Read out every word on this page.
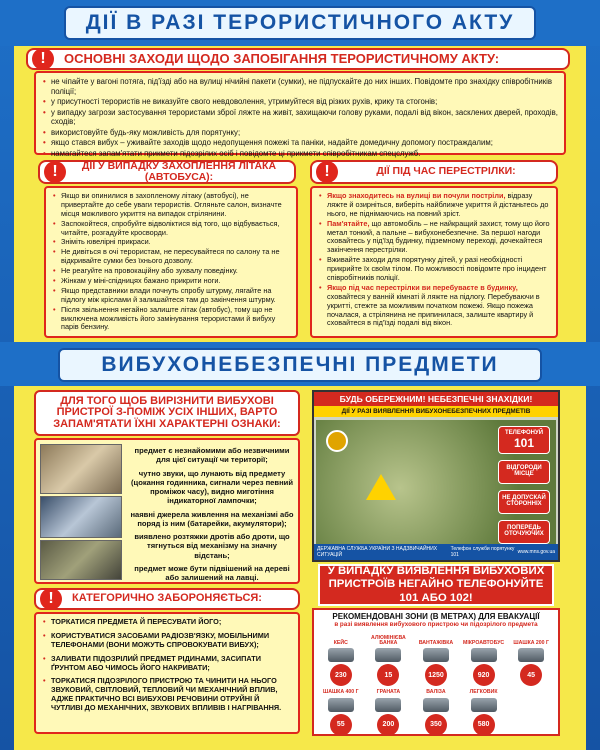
ДІЇ В РАЗІ ТЕРОРИСТИЧНОГО АКТУ
!	ОСНОВНІ ЗАХОДИ ЩОДО ЗАПОБІГАННЯ ТЕРОРИСТИЧНОМУ АКТУ:
• не чіпайте у вагоні потяга, під'їзді або на вулиці нічийні пакети (сумки), не підпускайте до них інших. Повідомте про знахідку співробітників поліції;
• у присутності терористів не виказуйте свого невдоволення, утримуйтеся від різких рухів, крику та стогонів;
• у випадку загрози застосування терористами зброї ляжте на живіт, захищаючи голову руками, подалі від вікон, засклених дверей, проходів, сходів;
• використовуйте будь-яку можливість для порятунку;
• якщо стався вибух – уживайте заходів щодо недопущення пожежі та паніки, надайте домедичну допомогу постраждалим;
• намагайтеся запам'ятати прикмети підозрілих осіб і повідомте ці прикмети співробітникам спецслужб.
!	ДІЇ У ВИПАДКУ ЗАХОПЛЕННЯ ЛІТАКА (АВТОБУСА):
• Якщо ви опинилися в захопленому літаку (автобусі), не привертайте до себе уваги терористів. Огляньте салон, визначте місця можливого укриття на випадок стрілянини.
• Заспокойтеся, спробуйте відволіктися від того, що відбувається, читайте, розгадуйте кросворди.
• Зніміть ювелірні прикраси.
• Не дивіться в очі терористам, не пересувайтеся по салону та не відкривайте сумки без їхнього дозволу.
• Не реагуйте на провокаційну або зухвалу поведінку.
• Жінкам у міні-спідницях бажано прикрити ноги.
• Якщо представники влади почнуть спробу штурму, лягайте на підлогу між кріслами й залишайтеся там до закінчення штурму.
• Після звільнення негайно залиште літак (автобус), тому що не виключена можливість його замінування терористами й вибуху парів бензину.
!	ДІЇ ПІД ЧАС ПЕРЕСТРІЛКИ:
• Якщо знаходитесь на вулиці ви почули постріли, відразу ляжте й озирніться, виберіть найближче укриття й дістаньтесь до нього, не піднімаючись на повний зріст.
• Пам'ятайте, що автомобіль – не найкращий захист, тому що його метал тонкий, а пальне – вибухонебезпечне. За першої нагоди сховайтесь у під'їзд будинку, підземному переході, дочекайтеся закінчення перестрілки.
• Вживайте заходи для порятунку дітей, у разі необхідності прикрийте їх своїм тілом. По можливості повідомте про інцидент співробітників поліції.
• Якщо під час перестрілки ви перебуваєте в будинку, сховайтеся у ванній кімнаті й ляжте на підлогу. Перебуваючи в укритті, стежте за можливим початком пожежі. Якщо пожежа почалася, а стрілянина не припинилася, залиште квартиру й сховайтеся в під'їзді подалі від вікон.
ВИБУХОНЕБЕЗПЕЧНІ ПРЕДМЕТИ
ДЛЯ ТОГО ЩОБ ВИРІЗНИТИ ВИБУХОВІ ПРИСТРОЇ З-ПОМІЖ УСІХ ІНШИХ, ВАРТО ЗАПАМ'ЯТАТИ ЇХНІ ХАРАКТЕРНІ ОЗНАКИ:
предмет є незнайомими або незвичними для цієї ситуації чи території;
чутно звуки, що лунають від предмету (цокання годинника, сигнали через певний проміжок часу), видно миготіння індикаторної лампочки;
наявні джерела живлення на механізмі або поряд із ним (батарейки, акумулятори);
виявлено розтяжки дротів або дроти, що тягнуться від механізму на значну відстань;
предмет може бути підвішений на дереві або залишений на лавці.
!	КАТЕГОРИЧНО ЗАБОРОНЯЄТЬСЯ:
• ТОРКАТИСЯ ПРЕДМЕТА Й ПЕРЕСУВАТИ ЙОГО;
• КОРИСТУВАТИСЯ ЗАСОБАМИ РАДІОЗВ'ЯЗКУ, МОБІЛЬНИМИ ТЕЛЕФОНАМИ (ВОНИ МОЖУТЬ СПРОВОКУВАТИ ВИБУХ);
• ЗАЛИВАТИ ПІДОЗРІЛИЙ ПРЕДМЕТ РІДИНАМИ, ЗАСИПАТИ ҐРУНТОМ АБО ЧИМОСЬ ЙОГО НАКРИВАТИ;
• ТОРКАТИСЯ ПІДОЗРІЛОГО ПРИСТРОЮ ТА ЧИНИТИ НА НЬОГО ЗВУКОВИЙ, СВІТЛОВИЙ, ТЕПЛОВИЙ ЧИ МЕХАНІЧНИЙ ВПЛИВ, АДЖЕ ПРАКТИЧНО ВСІ ВИБУХОВІ РЕЧОВИНИ ОТРУЙНІ Й ЧУТЛИВІ ДО МЕХАНІЧНИХ, ЗВУКОВИХ ВПЛИВІВ І НАГРІВАННЯ.
БУДЬ ОБЕРЕЖНИМ! НЕБЕЗПЕЧНІ ЗНАХІДКИ!
ДІЇ У РАЗІ ВИЯВЛЕННЯ ВИБУХОНЕБЕЗПЕЧНИХ ПРЕДМЕТІВ
ТЕЛЕФОНУЙ
101
ВІДГОРОДИ МІСЦЕ
НЕ ДОПУСКАЙ СТОРОННІХ
ПОПЕРЕДЬ ОТОЧУЮЧИХ
ДЕРЖАВНА СЛУЖБА УКРАЇНИ З НАДЗВИЧАЙНИХ СИТУАЦІЙ
Телефон служби порятунку 101	www.mns.gov.ua
У ВИПАДКУ ВИЯВЛЕННЯ ВИБУХОВИХ ПРИСТРОЇВ НЕГАЙНО ТЕЛЕФОНУЙТЕ 101 АБО 102!
РЕКОМЕНДОВАНІ ЗОНИ (В МЕТРАХ) ДЛЯ ЕВАКУАЦІЇ
в разі виявлення вибухового пристрою чи підозрілого предмета
КЕЙС
230
АЛЮМІНІЄВА БАНКА
15
ВАНТАЖІВКА
1250
МІКРОАВТОБУС
920
ШАШКА 200 Г
45
ШАШКА 400 Г
55
ГРАНАТА
200
ВАЛІЗА
350
ЛЕГКОВИК
580
